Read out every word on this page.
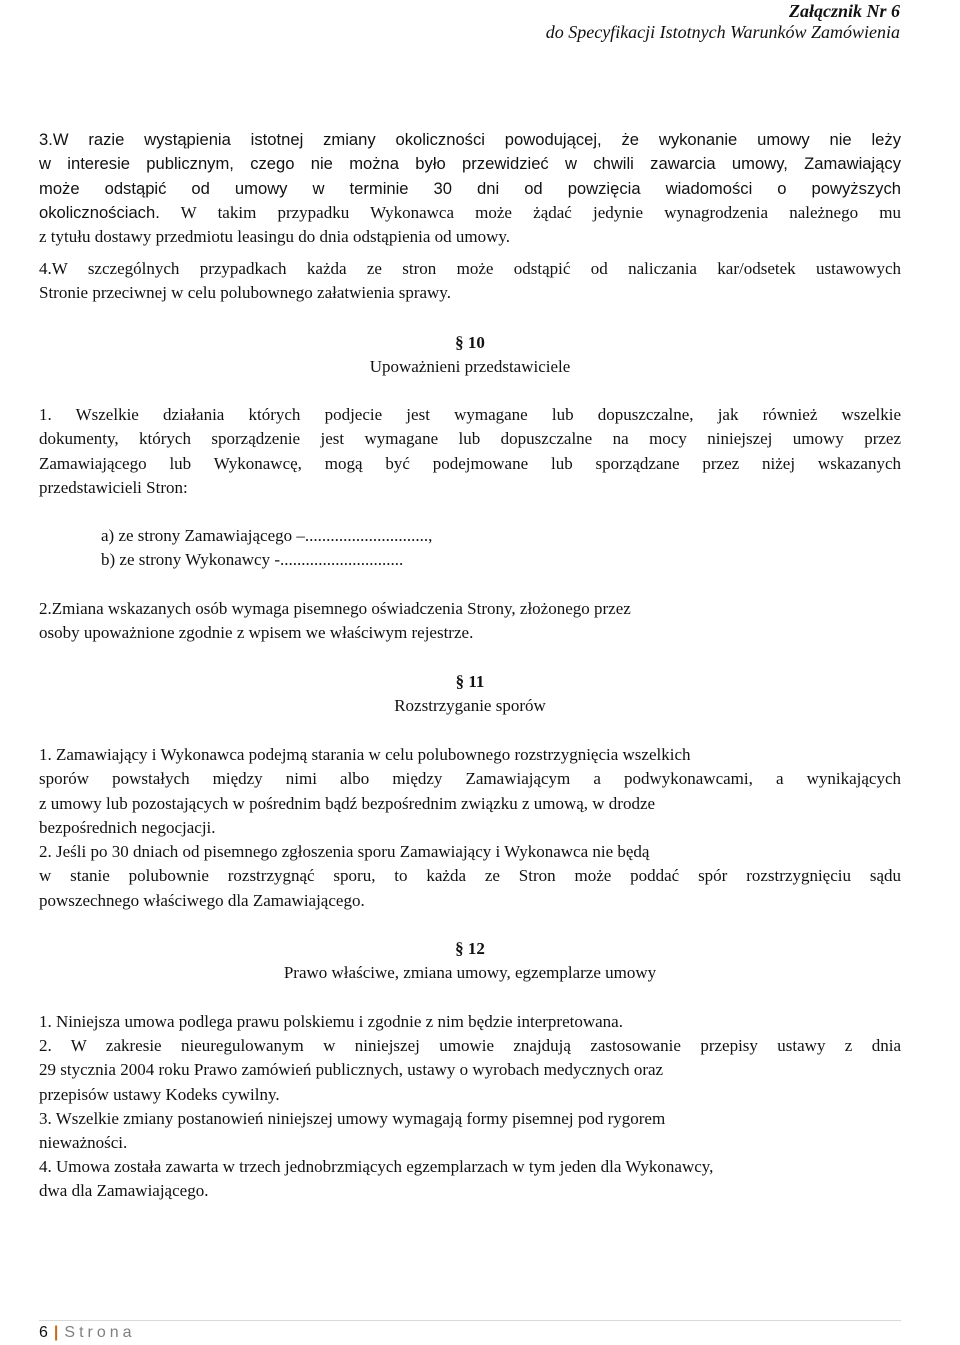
Załącznik Nr 6
do Specyfikacji Istotnych Warunków Zamówienia
3.W razie wystąpienia istotnej zmiany okoliczności powodującej, że wykonanie umowy nie leży
w interesie publicznym, czego nie można było przewidzieć w chwili zawarcia umowy, Zamawiający
może odstąpić od umowy w terminie 30 dni od powzięcia wiadomości o powyższych
okolicznościach. W takim przypadku Wykonawca może żądać jedynie wynagrodzenia należnego mu
z tytułu dostawy przedmiotu leasingu do dnia odstąpienia od umowy.
4.W szczególnych przypadkach każda ze stron może odstąpić od naliczania kar/odsetek ustawowych
Stronie przeciwnej w celu polubownego załatwienia sprawy.
§ 10
Upoważnieni przedstawiciele
1. Wszelkie działania których podjecie jest wymagane lub dopuszczalne, jak również wszelkie
dokumenty, których sporządzenie jest wymagane lub dopuszczalne na mocy niniejszej umowy przez
Zamawiającego lub Wykonawcę, mogą być podejmowane lub sporządzane przez niżej wskazanych
przedstawicieli Stron:
a) ze strony Zamawiającego –.............................,
b) ze strony Wykonawcy -.............................
2.Zmiana wskazanych osób wymaga pisemnego oświadczenia Strony, złożonego przez
osoby upoważnione zgodnie z wpisem we właściwym rejestrze.
§ 11
Rozstrzyganie sporów
1. Zamawiający i Wykonawca podejmą starania w celu polubownego rozstrzygnięcia wszelkich
sporów powstałych między nimi albo między Zamawiającym a podwykonawcami, a wynikających
z umowy lub pozostających w pośrednim bądź bezpośrednim związku z umową, w drodze
bezpośrednich negocjacji.
2. Jeśli po 30 dniach od pisemnego zgłoszenia sporu Zamawiający i Wykonawca nie będą
w stanie polubownie rozstrzygnąć sporu, to każda ze Stron może poddać spór rozstrzygnięciu sądu
powszechnego właściwego dla Zamawiającego.
§ 12
Prawo właściwe, zmiana umowy, egzemplarze umowy
1. Niniejsza umowa podlega prawu polskiemu i zgodnie z nim będzie interpretowana.
2. W zakresie nieuregulowanym w niniejszej umowie znajdują zastosowanie przepisy ustawy z dnia
29 stycznia 2004 roku Prawo zamówień publicznych, ustawy o wyrobach medycznych oraz
przepisów ustawy Kodeks cywilny.
3. Wszelkie zmiany postanowień niniejszej umowy wymagają formy pisemnej pod rygorem
nieważności.
4. Umowa została zawarta w trzech jednobrzmiących egzemplarzach w tym jeden dla Wykonawcy,
dwa dla Zamawiającego.
6 | Strona
